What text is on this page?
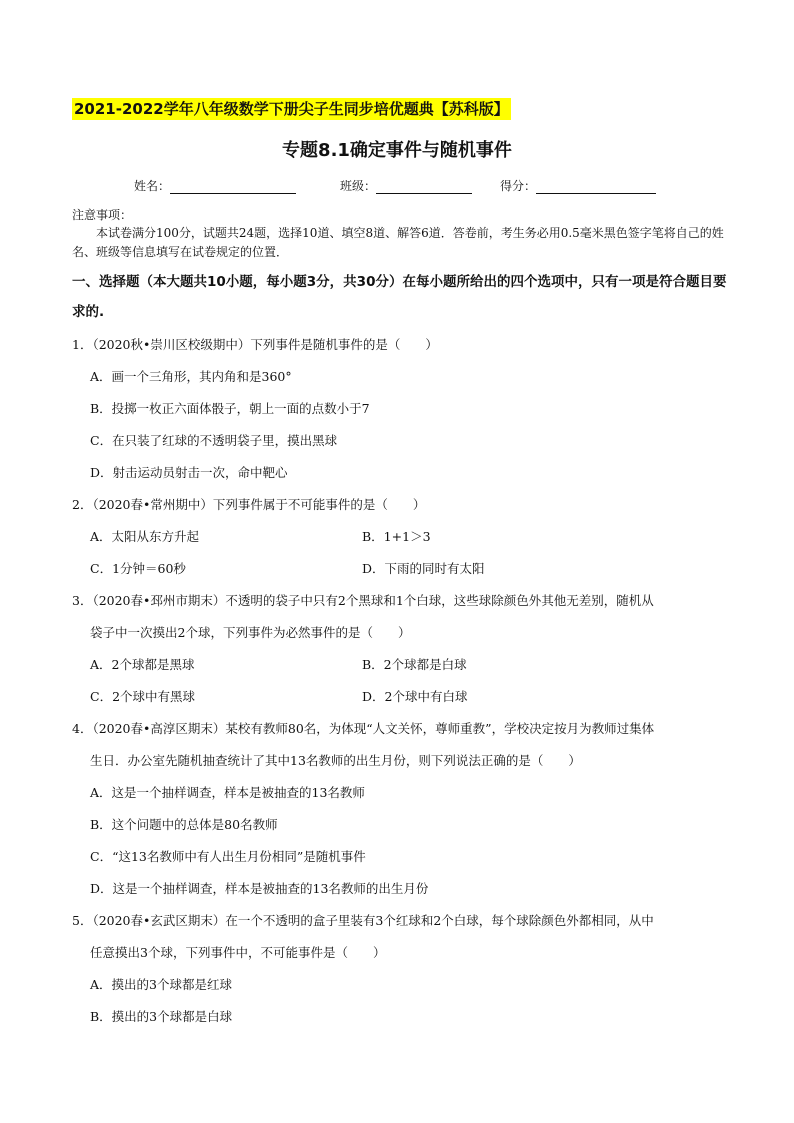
2021-2022学年八年级数学下册尖子生同步培优题典【苏科版】
专题8.1确定事件与随机事件
姓名：	班级：	得分：
注意事项：
本试卷满分100分，试题共24题，选择10道、填空8道、解答6道．答卷前，考生务必用0.5毫米黑色签字笔将自己的姓名、班级等信息填写在试卷规定的位置．
一、选择题（本大题共10小题，每小题3分，共30分）在每小题所给出的四个选项中，只有一项是符合题目要求的.
1．（2020秋•崇川区校级期中）下列事件是随机事件的是（　　）
A．画一个三角形，其内角和是360°
B．投掷一枚正六面体骰子，朝上一面的点数小于7
C．在只装了红球的不透明袋子里，摸出黑球
D．射击运动员射击一次，命中靶心
2．（2020春•常州期中）下列事件属于不可能事件的是（　　）
A．太阳从东方升起	B．1+1＞3
C．1分钟＝60秒	D．下雨的同时有太阳
3．（2020春•邳州市期末）不透明的袋子中只有2个黑球和1个白球，这些球除颜色外其他无差别，随机从
袋子中一次摸出2个球，下列事件为必然事件的是（　　）
A．2个球都是黑球	B．2个球都是白球
C．2个球中有黑球	D．2个球中有白球
4．（2020春•高淳区期末）某校有教师80名，为体现“人文关怀，尊师重教”，学校决定按月为教师过集体
生日．办公室先随机抽查统计了其中13名教师的出生月份，则下列说法正确的是（　　）
A．这是一个抽样调查，样本是被抽查的13名教师
B．这个问题中的总体是80名教师
C．“这13名教师中有人出生月份相同”是随机事件
D．这是一个抽样调查，样本是被抽查的13名教师的出生月份
5．（2020春•玄武区期末）在一个不透明的盒子里装有3个红球和2个白球，每个球除颜色外都相同，从中
任意摸出3个球，下列事件中，不可能事件是（　　）
A．摸出的3个球都是红球
B．摸出的3个球都是白球
